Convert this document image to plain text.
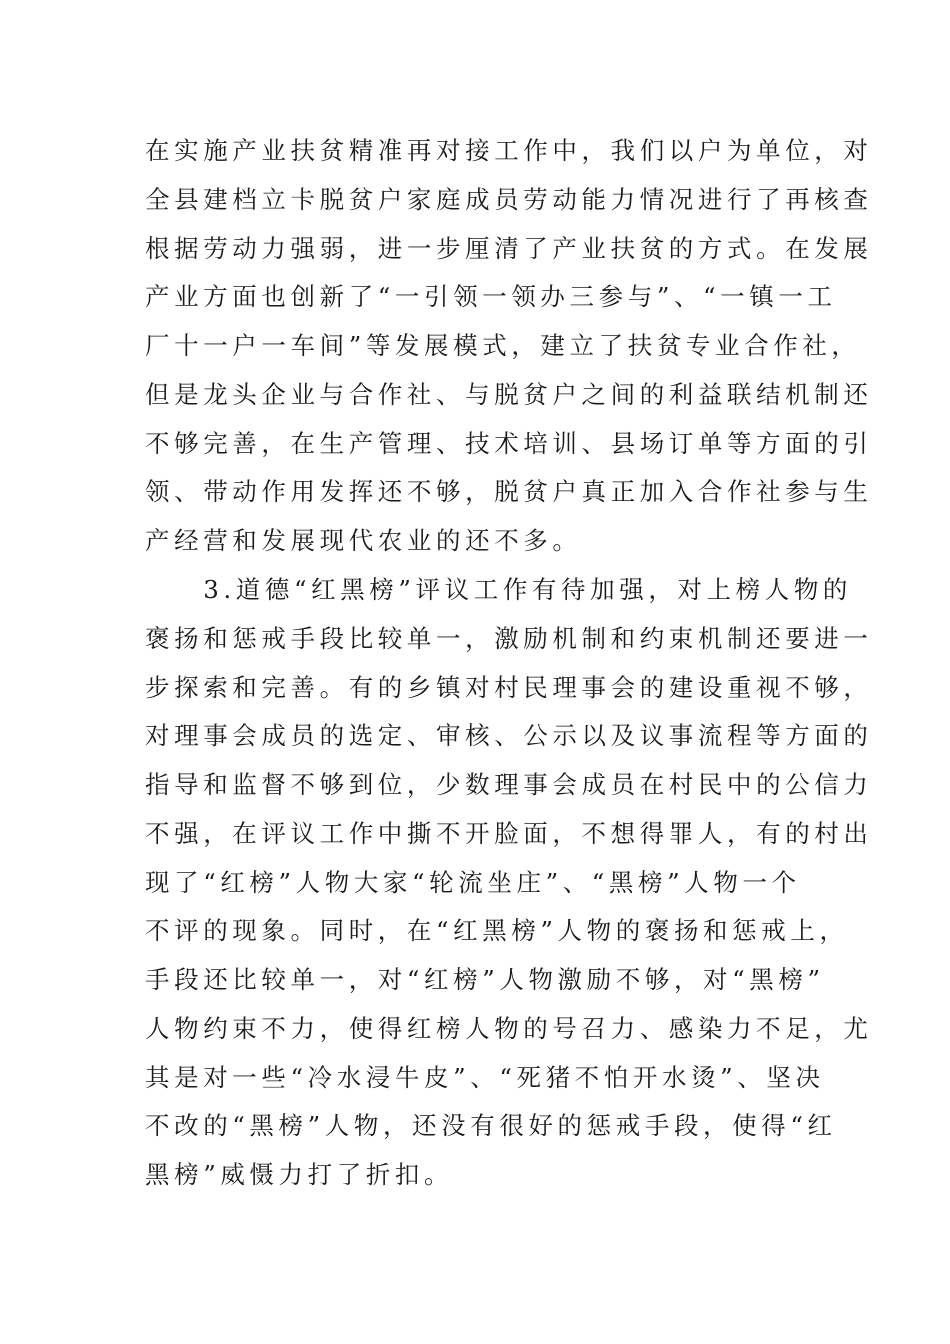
在实施产业扶贫精准再对接工作中，我们以户为单位，对
全县建档立卡脱贫户家庭成员劳动能力情况进行了再核查
根据劳动力强弱，进一步厘清了产业扶贫的方式。在发展
产业方面也创新了“一引领一领办三参与”、“一镇一工
厂十一户一车间”等发展模式，建立了扶贫专业合作社，
但是龙头企业与合作社、与脱贫户之间的利益联结机制还
不够完善，在生产管理、技术培训、县场订单等方面的引
领、带动作用发挥还不够，脱贫户真正加入合作社参与生
产经营和发展现代农业的还不多。
　　3.道德“红黑榜”评议工作有待加强，对上榜人物的
褒扬和惩戒手段比较单一，激励机制和约束机制还要进一
步探索和完善。有的乡镇对村民理事会的建设重视不够，
对理事会成员的选定、审核、公示以及议事流程等方面的
指导和监督不够到位，少数理事会成员在村民中的公信力
不强，在评议工作中撕不开脸面，不想得罪人，有的村出
现了“红榜”人物大家“轮流坐庄”、“黑榜”人物一个
不评的现象。同时，在“红黑榜”人物的褒扬和惩戒上，
手段还比较单一，对“红榜”人物激励不够，对“黑榜”
人物约束不力，使得红榜人物的号召力、感染力不足，尤
其是对一些“冷水浸牛皮”、“死猪不怕开水烫”、坚决
不改的“黑榜”人物，还没有很好的惩戒手段，使得“红
黑榜”威慑力打了折扣。
